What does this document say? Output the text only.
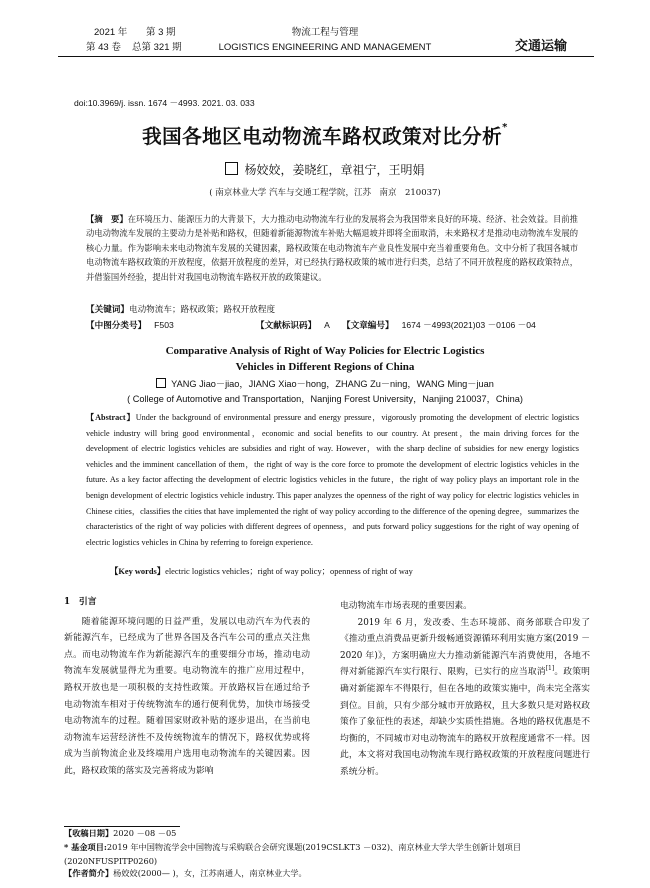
2021 年 第 3 期
第 43 卷 总第 321 期
物流工程与管理
LOGISTICS ENGINEERING AND MANAGEMENT	交通运输
doi:10.3969/j. issn. 1674 －4993. 2021. 03. 033
我国各地区电动物流车路权政策对比分析*
杨姣姣，姜晓红，章祖宁，王明娟
( 南京林业大学 汽车与交通工程学院，江苏　南京　210037)
【摘　要】在环境压力、能源压力的大背景下，大力推动电动物流车行业的发展将会为我国带来良好的环境、经济、社会效益。目前推动电动物流车发展的主要动力是补贴和路权，但随着新能源物流车补贴大幅退坡并即将全面取消，未来路权才是推动电动物流车发展的核心力量。作为影响未来电动物流车发展的关键因素，路权政策在电动物流车产业良性发展中充当着重要角色。文中分析了我国各城市电动物流车路权政策的开放程度，依据开放程度的差异，对已经执行路权政策的城市进行归类，总结了不同开放程度的路权政策特点，并借鉴国外经验，提出针对我国电动物流车路权开放的政策建议。
【关键词】电动物流车；路权政策；路权开放程度
【中图分类号】 F503	【文献标识码】 A 【文章编号】 1674 －4993(2021)03 －0106 －04
Comparative Analysis of Right of Way Policies for Electric Logistics
Vehicles in Different Regions of China
YANG Jiao－jiao，JIANG Xiao－hong，ZHANG Zu－ning，WANG Ming－juan
( College of Automotive and Transportation，Nanjing Forest University，Nanjing 210037，China)
【Abstract】Under the background of environmental pressure and energy pressure，vigorously promoting the development of electric logistics vehicle industry will bring good environmental，economic and social benefits to our country. At present，the main driving forces for the development of electric logistics vehicles are subsidies and right of way. However，with the sharp decline of subsidies for new energy logistics vehicles and the imminent cancellation of them，the right of way is the core force to promote the development of electric logistics vehicles in the future. As a key factor affecting the development of electric logistics vehicles in the future，the right of way policy plays an important role in the benign development of electric logistics vehicle industry. This paper analyzes the openness of the right of way policy for electric logistics vehicles in Chinese cities，classifies the cities that have implemented the right of way policy according to the difference of the opening degree，summarizes the characteristics of the right of way policies with different degrees of openness，and puts forward policy suggestions for the right of way opening of electric logistics vehicles in China by referring to foreign experience.
【Key words】electric logistics vehicles；right of way policy；openness of right of way
1　引言
随着能源环境问题的日益严重，发展以电动汽车为代表的新能源汽车，已经成为了世界各国及各汽车公司的重点关注焦点。而电动物流车作为新能源汽车的重要细分市场，推动电动物流车发展就显得尤为重要。电动物流车的推广应用过程中，路权开放也是一项积极的支持性政策。开放路权旨在通过给予电动物流车相对于传统物流车的通行便利优势，加快市场接受电动物流车的过程。随着国家财政补贴的逐步退出，在当前电动物流车运营经济性不及传统物流车的情况下，路权优势或将成为当前物流企业及终端用户选用电动物流车的关键因素。因此，路权政策的落实及完善将成为影响
电动物流车市场表现的重要因素。
2019 年 6 月，发改委、生态环境部、商务部联合印发了《推动重点消费品更新升级畅通资源循环利用实施方案(2019 －2020 年)》，方案明确应大力推动新能源汽车消费使用，各地不得对新能源汽车实行限行、限购，已实行的应当取消[1]。政策明确对新能源车不得限行，但在各地的政策实施中，尚未完全落实到位。目前，只有少部分城市开放路权，且大多数只是对路权政策作了象征性的表述，却缺少实质性措施。各地的路权优惠是不均衡的，不同城市对电动物流车的路权开放程度通常不一样。因此，本文将对我国电动物流车现行路权政策的开放程度问题进行系统分析。
【收稿日期】2020 －08 －05
* 基金项目:2019 年中国物流学会中国物流与采购联合会研究课题(2019CSLKT3 －032)、南京林业大学大学生创新计划项目(2020NFUSPITP0260)
【作者简介】杨姣姣(2000— )，女，江苏南通人，南京林业大学。
